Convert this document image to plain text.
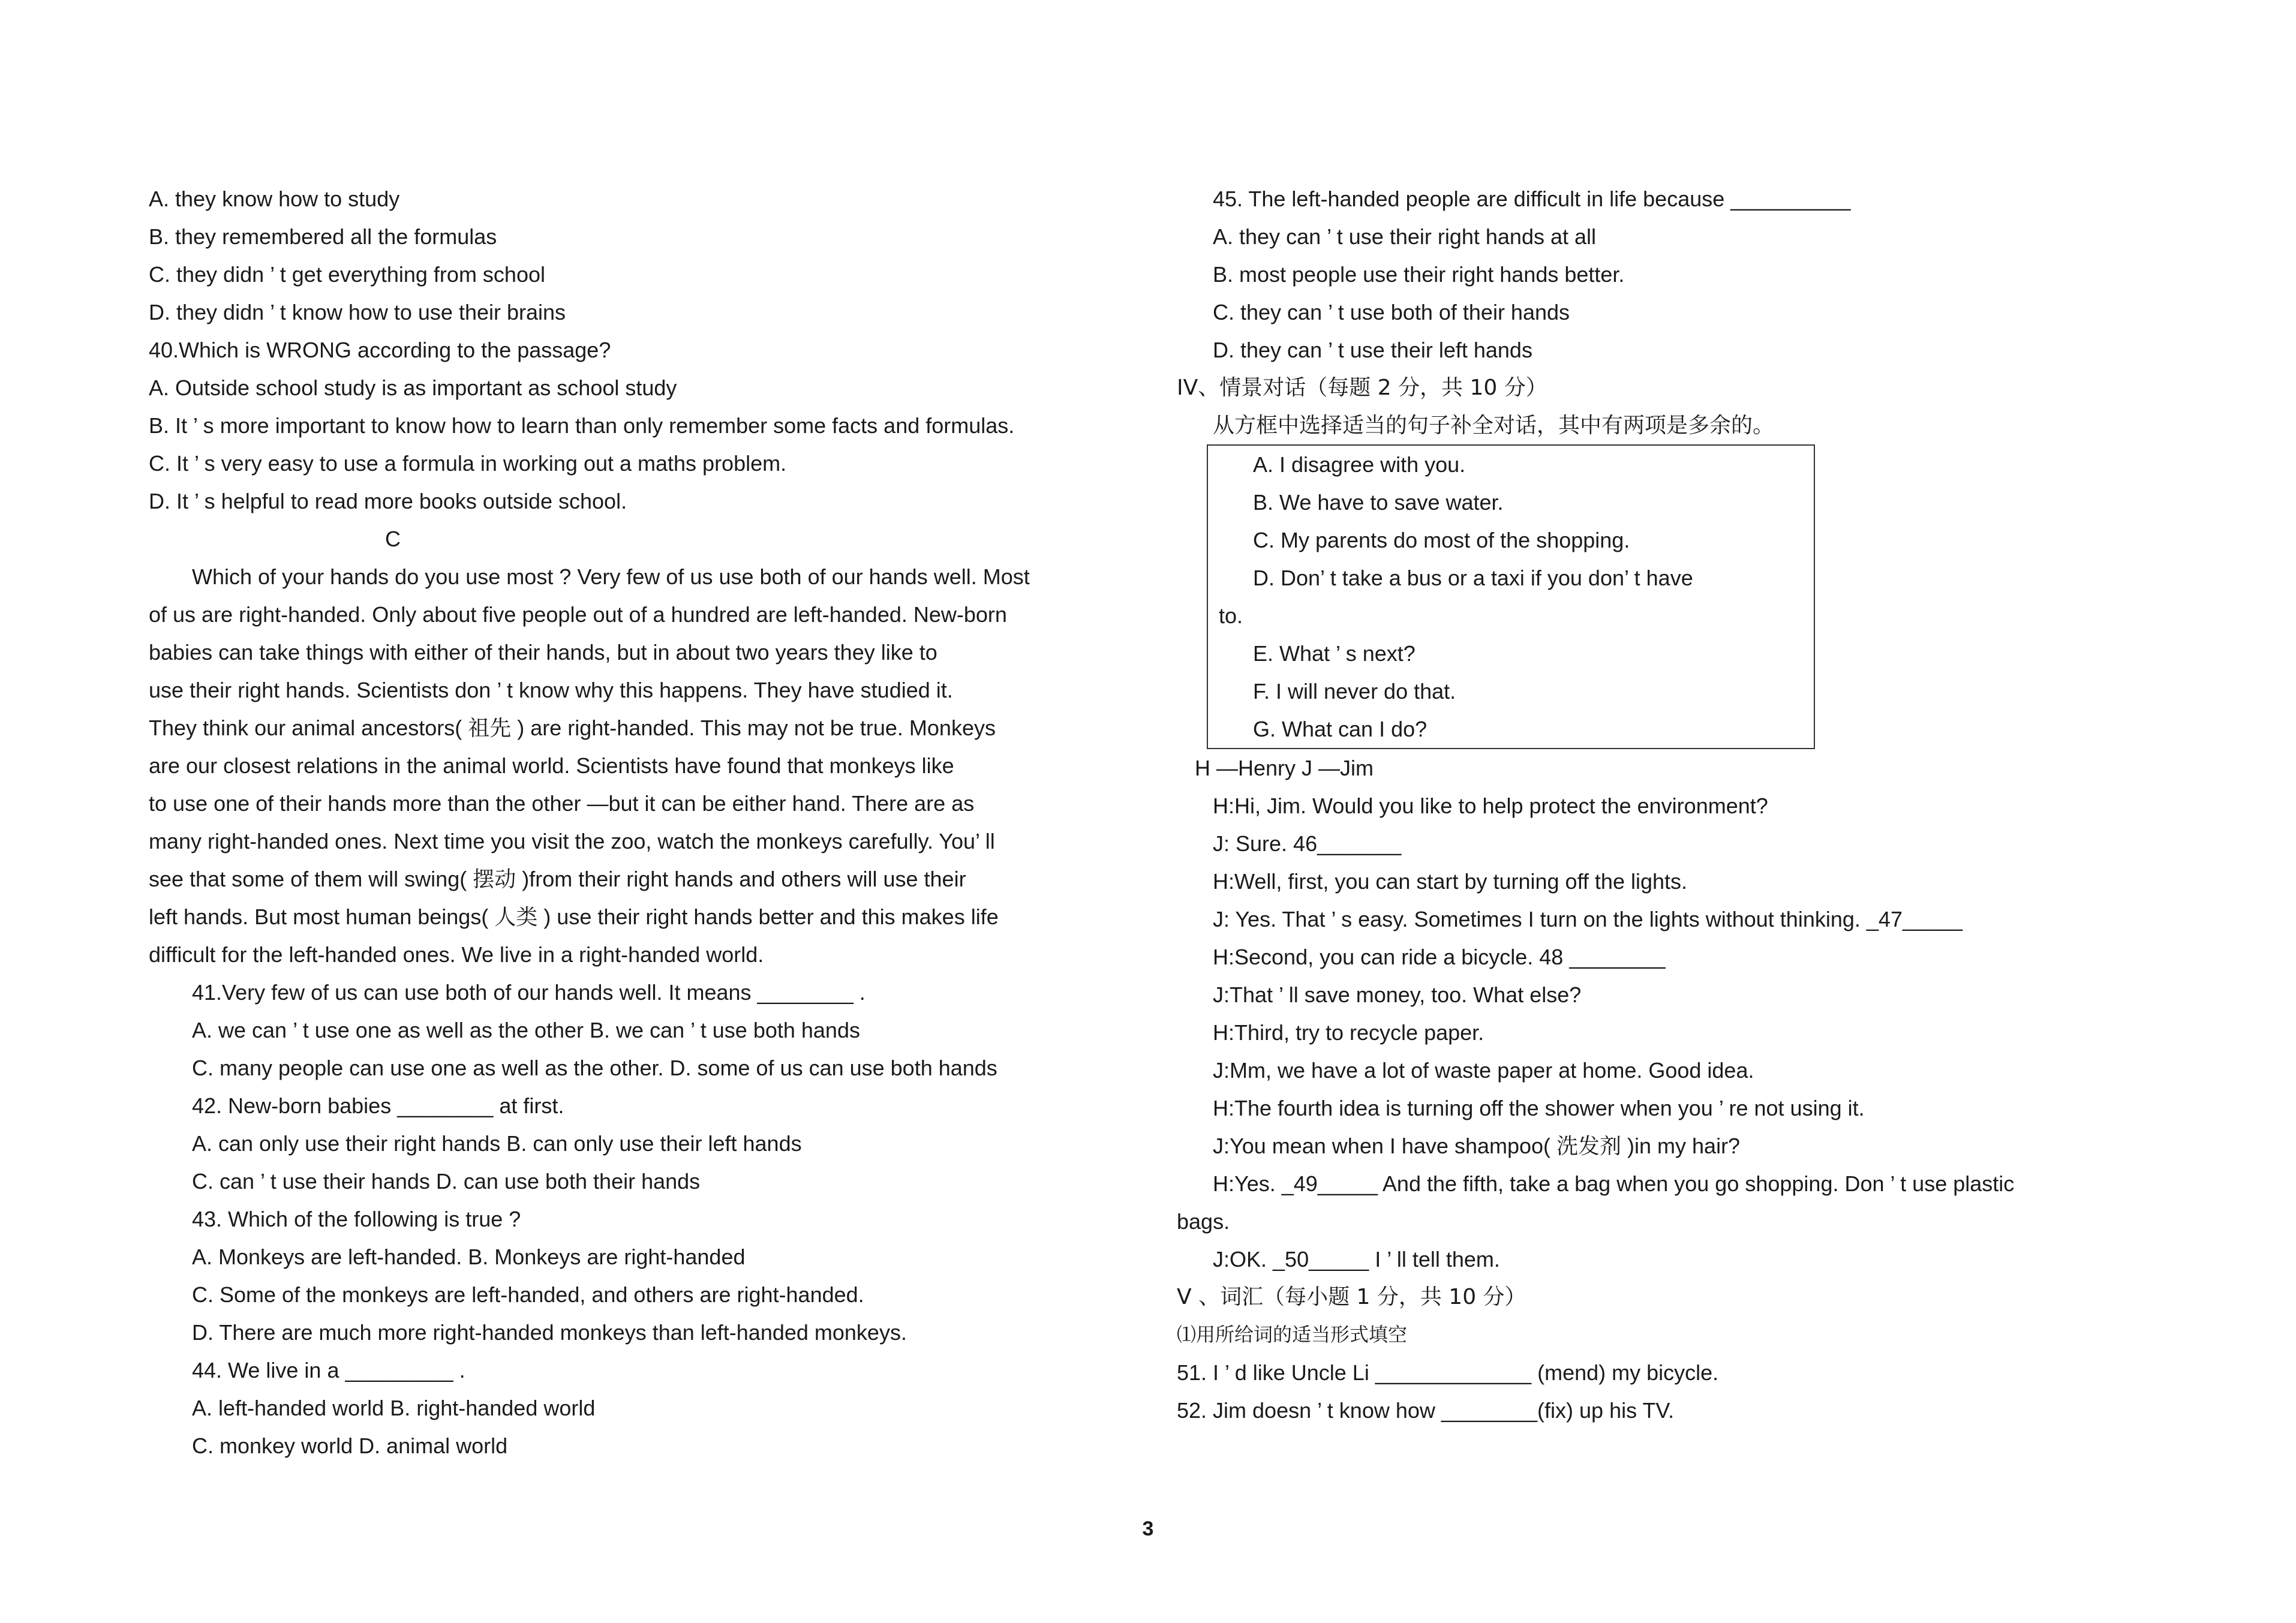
A. they know how to study
B. they remembered all the formulas
C. they didn ’ t get everything from school
D. they didn ’ t know how to use their brains
40.Which is WRONG according to the passage?
A. Outside school study is as important as school study
B. It ’ s more important to know how to learn than only remember some facts and formulas.
C. It ’ s very easy to use a formula in working out a maths problem.
D. It ’ s helpful to read more books outside school.
C
Which of your hands do you use most ? Very few of us use both of our hands well. Most
of us are right-handed. Only about five people out of a hundred are left-handed. New-born
babies can take things with either of their hands, but in about two years they like to
use their right hands. Scientists don ’ t know why this happens. They have studied it.
They think our animal ancestors( 祖先 ) are right-handed. This may not be true. Monkeys
are our closest relations in the animal world. Scientists have found that monkeys like
to use one of their hands more than the other —but it can be either hand. There are as
many right-handed ones. Next time you visit the zoo, watch the monkeys carefully. You’ ll
see that some of them will swing( 摆动 )from their right hands and others will use their
left hands. But most human beings( 人类 ) use their right hands better and this makes life
difficult for the left-handed ones. We live in a right-handed world.
41.Very few of us can use both of our hands well. It means ________ .
A. we can ’ t use one as well as the other B. we can ’ t use both hands
C. many people can use one as well as the other. D. some of us can use both hands
42. New-born babies ________ at first.
A. can only use their right hands B. can only use their left hands
C. can ’ t use their hands D. can use both their hands
43. Which of the following is true ?
A. Monkeys are left-handed. B. Monkeys are right-handed
C. Some of the monkeys are left-handed, and others are right-handed.
D. There are much more right-handed monkeys than left-handed monkeys.
44. We live in a _________ .
A. left-handed world B. right-handed world
C. monkey world D. animal world
45. The left-handed people are difficult in life because __________
A. they can ’ t use their right hands at all
B. most people use their right hands better.
C. they can ’ t use both of their hands
D. they can ’ t use their left hands
IV、情景对话（每题 2 分，共 10 分）
从方框中选择适当的句子补全对话，其中有两项是多余的。
A. I disagree with you.
B. We have to save water.
C. My parents do most of the shopping.
D. Don’ t take a bus or a taxi if you don’ t have
to.
E. What ’ s next?
F. I will never do that.
G. What can I do?
H —Henry J —Jim
H:Hi, Jim. Would you like to help protect the environment?
J: Sure. 46_______
H:Well, first, you can start by turning off the lights.
J: Yes. That ’ s easy. Sometimes I turn on the lights without thinking. _47_____
H:Second, you can ride a bicycle. 48 ________
J:That ’ ll save money, too. What else?
H:Third, try to recycle paper.
J:Mm, we have a lot of waste paper at home. Good idea.
H:The fourth idea is turning off the shower when you ’ re not using it.
J:You mean when I have shampoo( 洗发剂 )in my hair?
H:Yes. _49_____ And the fifth, take a bag when you go shopping. Don ’ t use plastic
bags.
J:OK. _50_____ I ’ ll tell them.
V 、词汇（每小题 1 分，共 10 分）
⑴用所给词的适当形式填空
51. I ’ d like Uncle Li _____________ (mend) my bicycle.
52. Jim doesn ’ t know how ________(fix) up his TV.
3
